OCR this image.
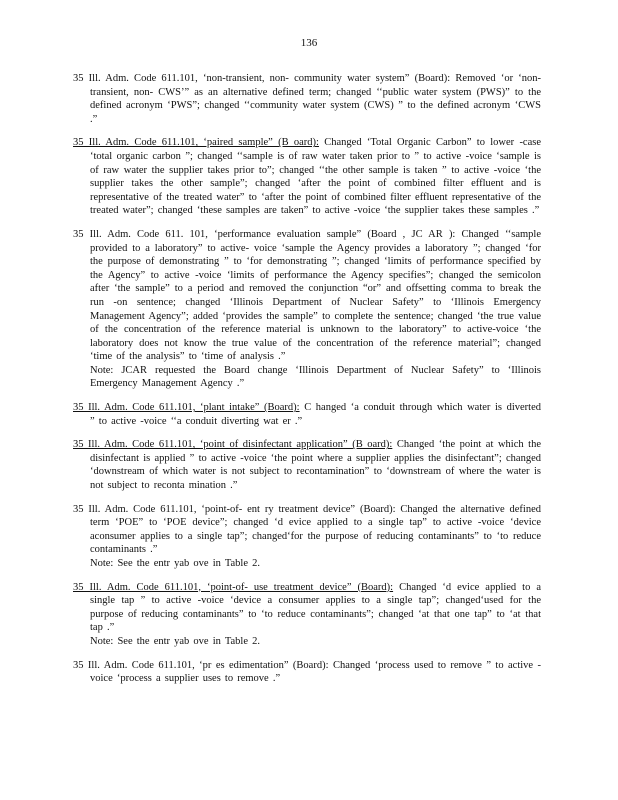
136
35 Ill. Adm. Code 611.101, ‘non-transient, non- community water system” (Board): Removed ‘or ‘non-transient, non- CWS’” as an alternative defined term; changed ‘‘public water system (PWS)” to the defined acronym ‘PWS”; changed ‘‘community water system (CWS) ” to the defined acronym ‘CWS .”
35 Ill. Adm. Code 611.101, ‘paired sample” (B oard): Changed ‘Total Organic Carbon” to lower -case ‘total organic carbon ”; changed ‘‘sample is of raw water taken prior to ” to active -voice ‘sample is of raw water the supplier takes prior to”; changed ‘‘the other sample is taken ” to active -voice ‘the supplier takes the other sample”; changed ‘after the point of combined filter effluent and is representative of the treated water” to ‘after the point of combined filter effluent representative of the treated water”; changed ‘these samples are taken” to active -voice ‘the supplier takes these samples .”
35 Ill. Adm. Code 611. 101, ‘performance evaluation sample” (Board , JC AR ): Changed ‘‘sample provided to a laboratory” to active- voice ‘sample the Agency provides a laboratory ”; changed ‘for the purpose of demonstrating ” to ‘for demonstrating ”; changed ‘limits of performance specified by the Agency” to active -voice ‘limits of performance the Agency specifies”; changed the semicolon after ‘the sample” to a period and removed the conjunction “or” and offsetting comma to break the run -on sentence; changed ‘Illinois Department of Nuclear Safety” to ‘Illinois Emergency Management Agency”; added ‘provides the sample” to complete the sentence; changed ‘the true value of the concentration of the reference material is unknown to the laboratory” to active-voice ‘the laboratory does not know the true value of the concentration of the reference material”; changed ‘time of the analysis” to ‘time of analysis .”
Note: JCAR requested the Board change ‘Illinois Department of Nuclear Safety” to ‘Illinois Emergency Management Agency .”
35 Ill. Adm. Code 611.101, ‘plant intake” (Board): C hanged ‘a conduit through which water is diverted ” to active -voice ‘‘a conduit diverting wat er .”
35 Ill. Adm. Code 611.101, ‘point of disinfectant application” (B oard): Changed ‘the point at which the disinfectant is applied ” to active -voice ‘the point where a supplier applies the disinfectant”; changed ‘downstream of which water is not subject to recontamination” to ‘downstream of where the water is not subject to reconta mination .”
35 Ill. Adm. Code 611.101, ‘point-of- ent ry treatment device” (Board): Changed the alternative defined term ‘POE” to ‘POE device”; changed ‘d evice applied to a single tap” to active -voice ‘device aconsumer applies to a single tap”; changed‘for the purpose of reducing contaminants” to ‘to reduce contaminants .”
Note: See the entr yab ove in Table 2.
35 Ill. Adm. Code 611.101, ‘point-of- use treatment device” (Board): Changed ‘d evice applied to a single tap ” to active -voice ‘device a consumer applies to a single tap”; changed‘used for the purpose of reducing contaminants” to ‘to reduce contaminants”; changed ‘at that one tap” to ‘at that tap .”
Note: See the entr yab ove in Table 2.
35 Ill. Adm. Code 611.101, ‘pr es edimentation” (Board): Changed ‘process used to remove ” to active -voice ‘process a supplier uses to remove .”
